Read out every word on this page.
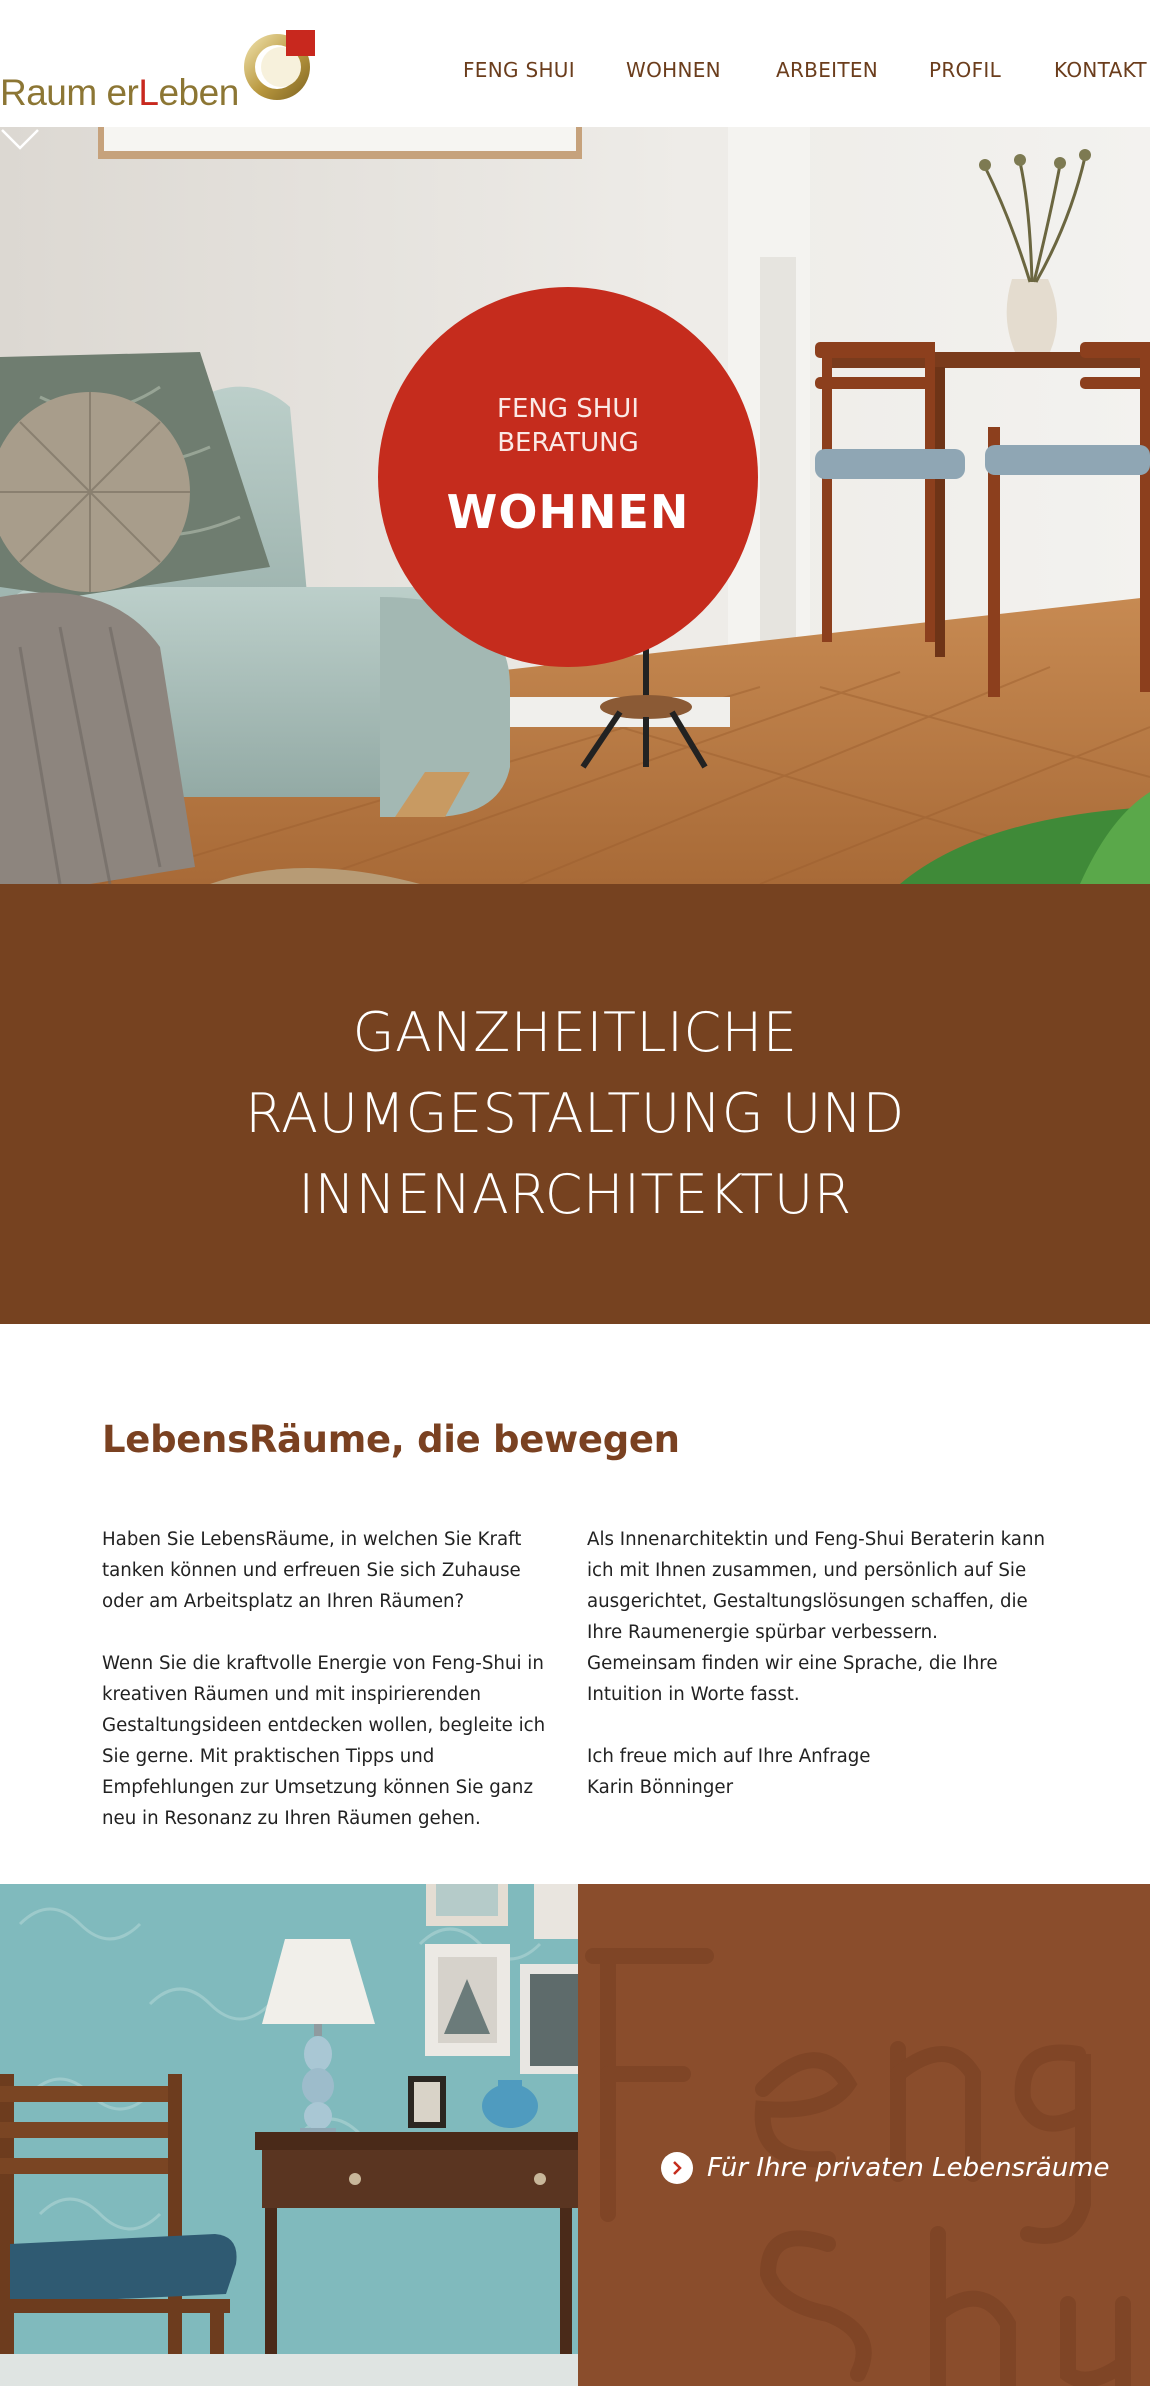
Raum erLeben
FENG SHUI	WOHNEN	ARBEITEN	PROFIL	KONTAKT
FENG SHUI
BERATUNG
WOHNEN
GANZHEITLICHE
RAUMGESTALTUNG UND
INNENARCHITEKTUR
LebensRäume, die bewegen

Haben Sie LebensRäume, in welchen Sie Kraft tanken können und erfreuen Sie sich Zuhause oder am Arbeitsplatz an Ihren Räumen?

Wenn Sie die kraftvolle Energie von Feng-Shui in kreativen Räumen und mit inspirierenden Gestaltungsideen entdecken wollen, begleite ich Sie gerne. Mit praktischen Tipps und Empfehlungen zur Umsetzung können Sie ganz neu in Resonanz zu Ihren Räumen gehen.

Als Innenarchitektin und Feng-Shui Beraterin kann ich mit Ihnen zusammen, und persönlich auf Sie ausgerichtet, Gestaltungslösungen schaffen, die Ihre Raumenergie spürbar verbessern.
Gemeinsam finden wir eine Sprache, die Ihre Intuition in Worte fasst.

Ich freue mich auf Ihre Anfrage
Karin Bönninger

Für Ihre privaten Lebensräume
